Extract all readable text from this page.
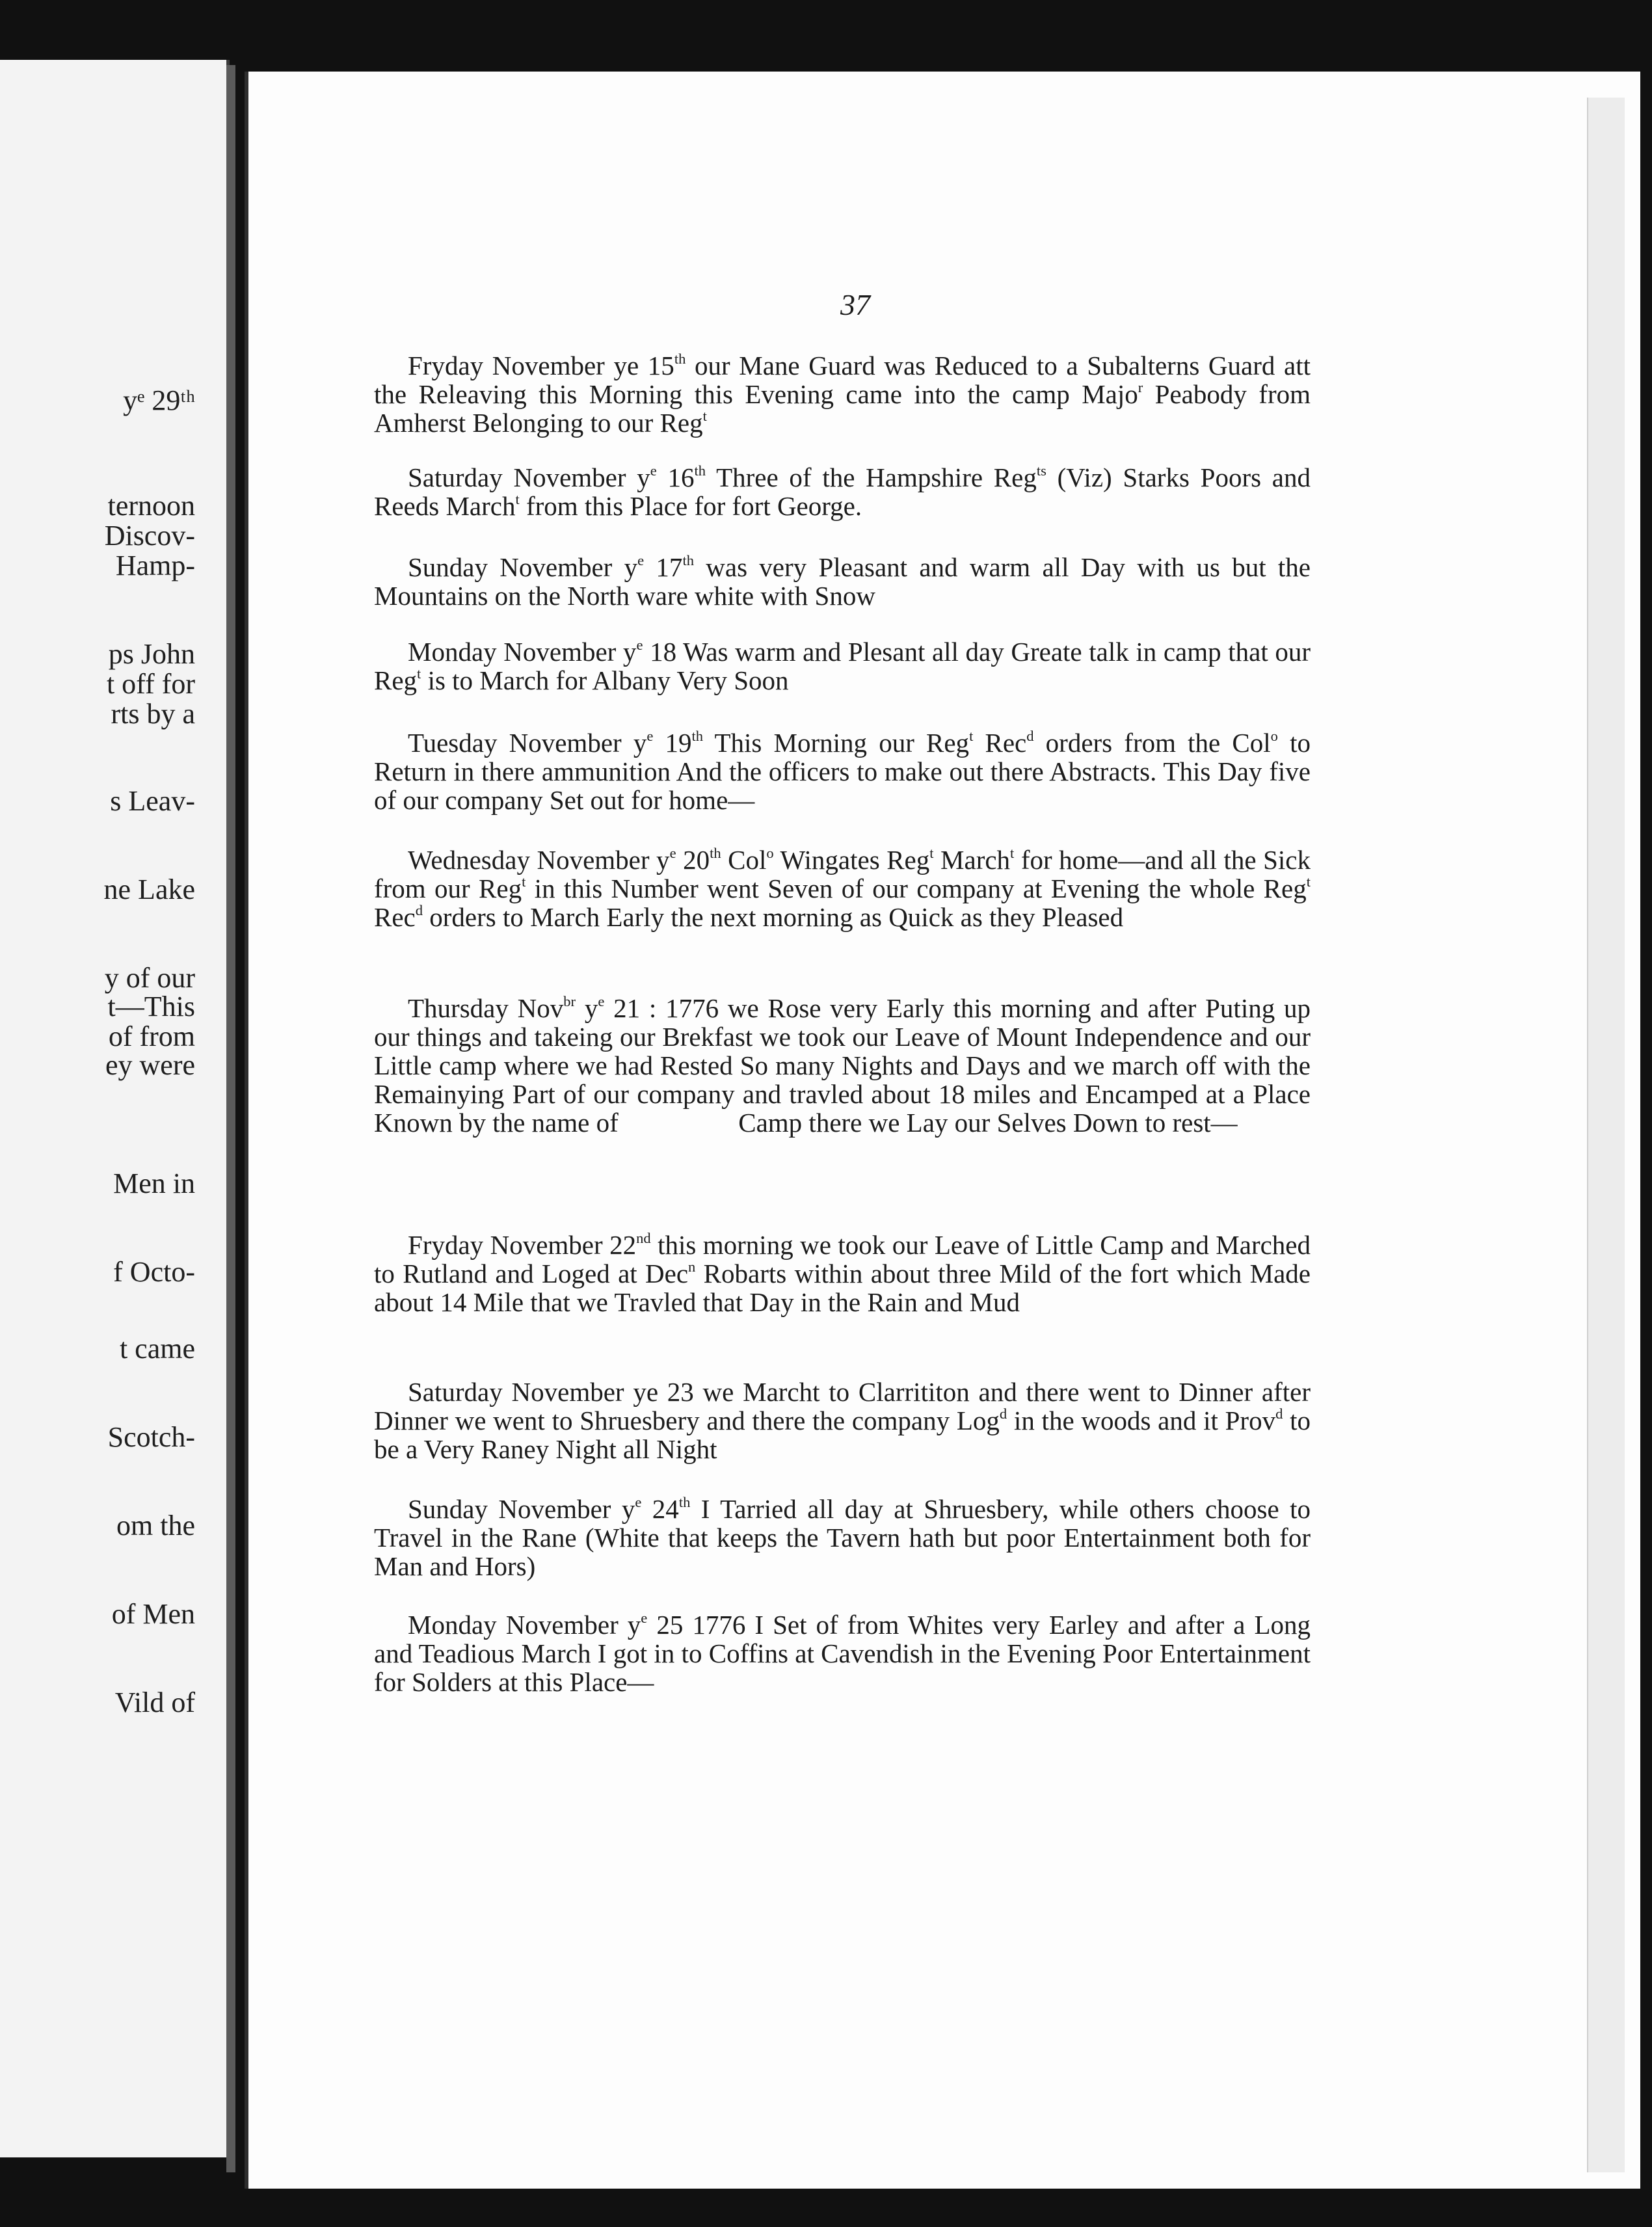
yᵉ 29ᵗʰ
ternoon
Discov-
Hamp-
ps John
t off for
rts by a
s Leav-
ne Lake
y of our
t—This
of from
ey were
Men in
f Octo-
t came
Scotch-
om the
of Men
Vild of
37

Fryday November ye 15th our Mane Guard was Reduced to a Subalterns Guard att the Releaving this Morning this Evening came into the camp Majo$^r$ Peabody from Amherst Belonging to our Reg$^t$

Saturday November $y^e$ 16th Three of the Hampshire Reg$^{ts}$ (Viz) Starks Poors and Reeds March$^t$ from this Place for fort George.

Sunday November $y^e$ 17th was very Pleasant and warm all Day with us but the Mountains on the North ware white with Snow

Monday November $y^e$ 18 Was warm and Plesant all day Greate talk in camp that our Reg$^t$ is to March for Albany Very Soon

Tuesday November $y^e$ 19th This Morning our Reg$^t$ Rec$^d$ orders from the Col$^o$ to Return in there ammunition And the officers to make out there Abstracts. This Day five of our company Set out for home—

Wednesday November $y^e$ 20th Col$^o$ Wingates Reg$^t$ March$^t$ for home—and all the Sick from our Reg$^t$ in this Number went Seven of our company at Evening the whole Reg$^t$ Rec$^d$ orders to March Early the next morning as Quick as they Pleased

Thursday Nov$^{br}$ $y^e$ 21 : 1776 we Rose very Early this morning and after Puting up our things and takeing our Brekfast we took our Leave of Mount Independence and our Little camp where we had Rested So many Nights and Days and we march off with the Remainying Part of our company and travled about 18 miles and Encamped at a Place Known by the name of      Camp there we Lay our Selves Down to rest—

Fryday November 22nd this morning we took our Leave of Little Camp and Marched to Rutland and Loged at Dec$^n$ Robarts within about three Mild of the fort which Made about 14 Mile that we Travled that Day in the Rain and Mud

Saturday November ye 23 we Marcht to Clarrititon and there went to Dinner after Dinner we went to Shruesbery and there the company Log$^d$ in the woods and it Prov$^d$ to be a Very Raney Night all Night

Sunday November $y^e$ 24th I Tarried all day at Shruesbery, while others choose to Travel in the Rane (White that keeps the Tavern hath but poor Entertainment both for Man and Hors)

Monday November $y^e$ 25 1776 I Set of from Whites very Earley and after a Long and Teadious March I got in to Coffins at Cavendish in the Evening Poor Entertainment for Solders at this Place—
